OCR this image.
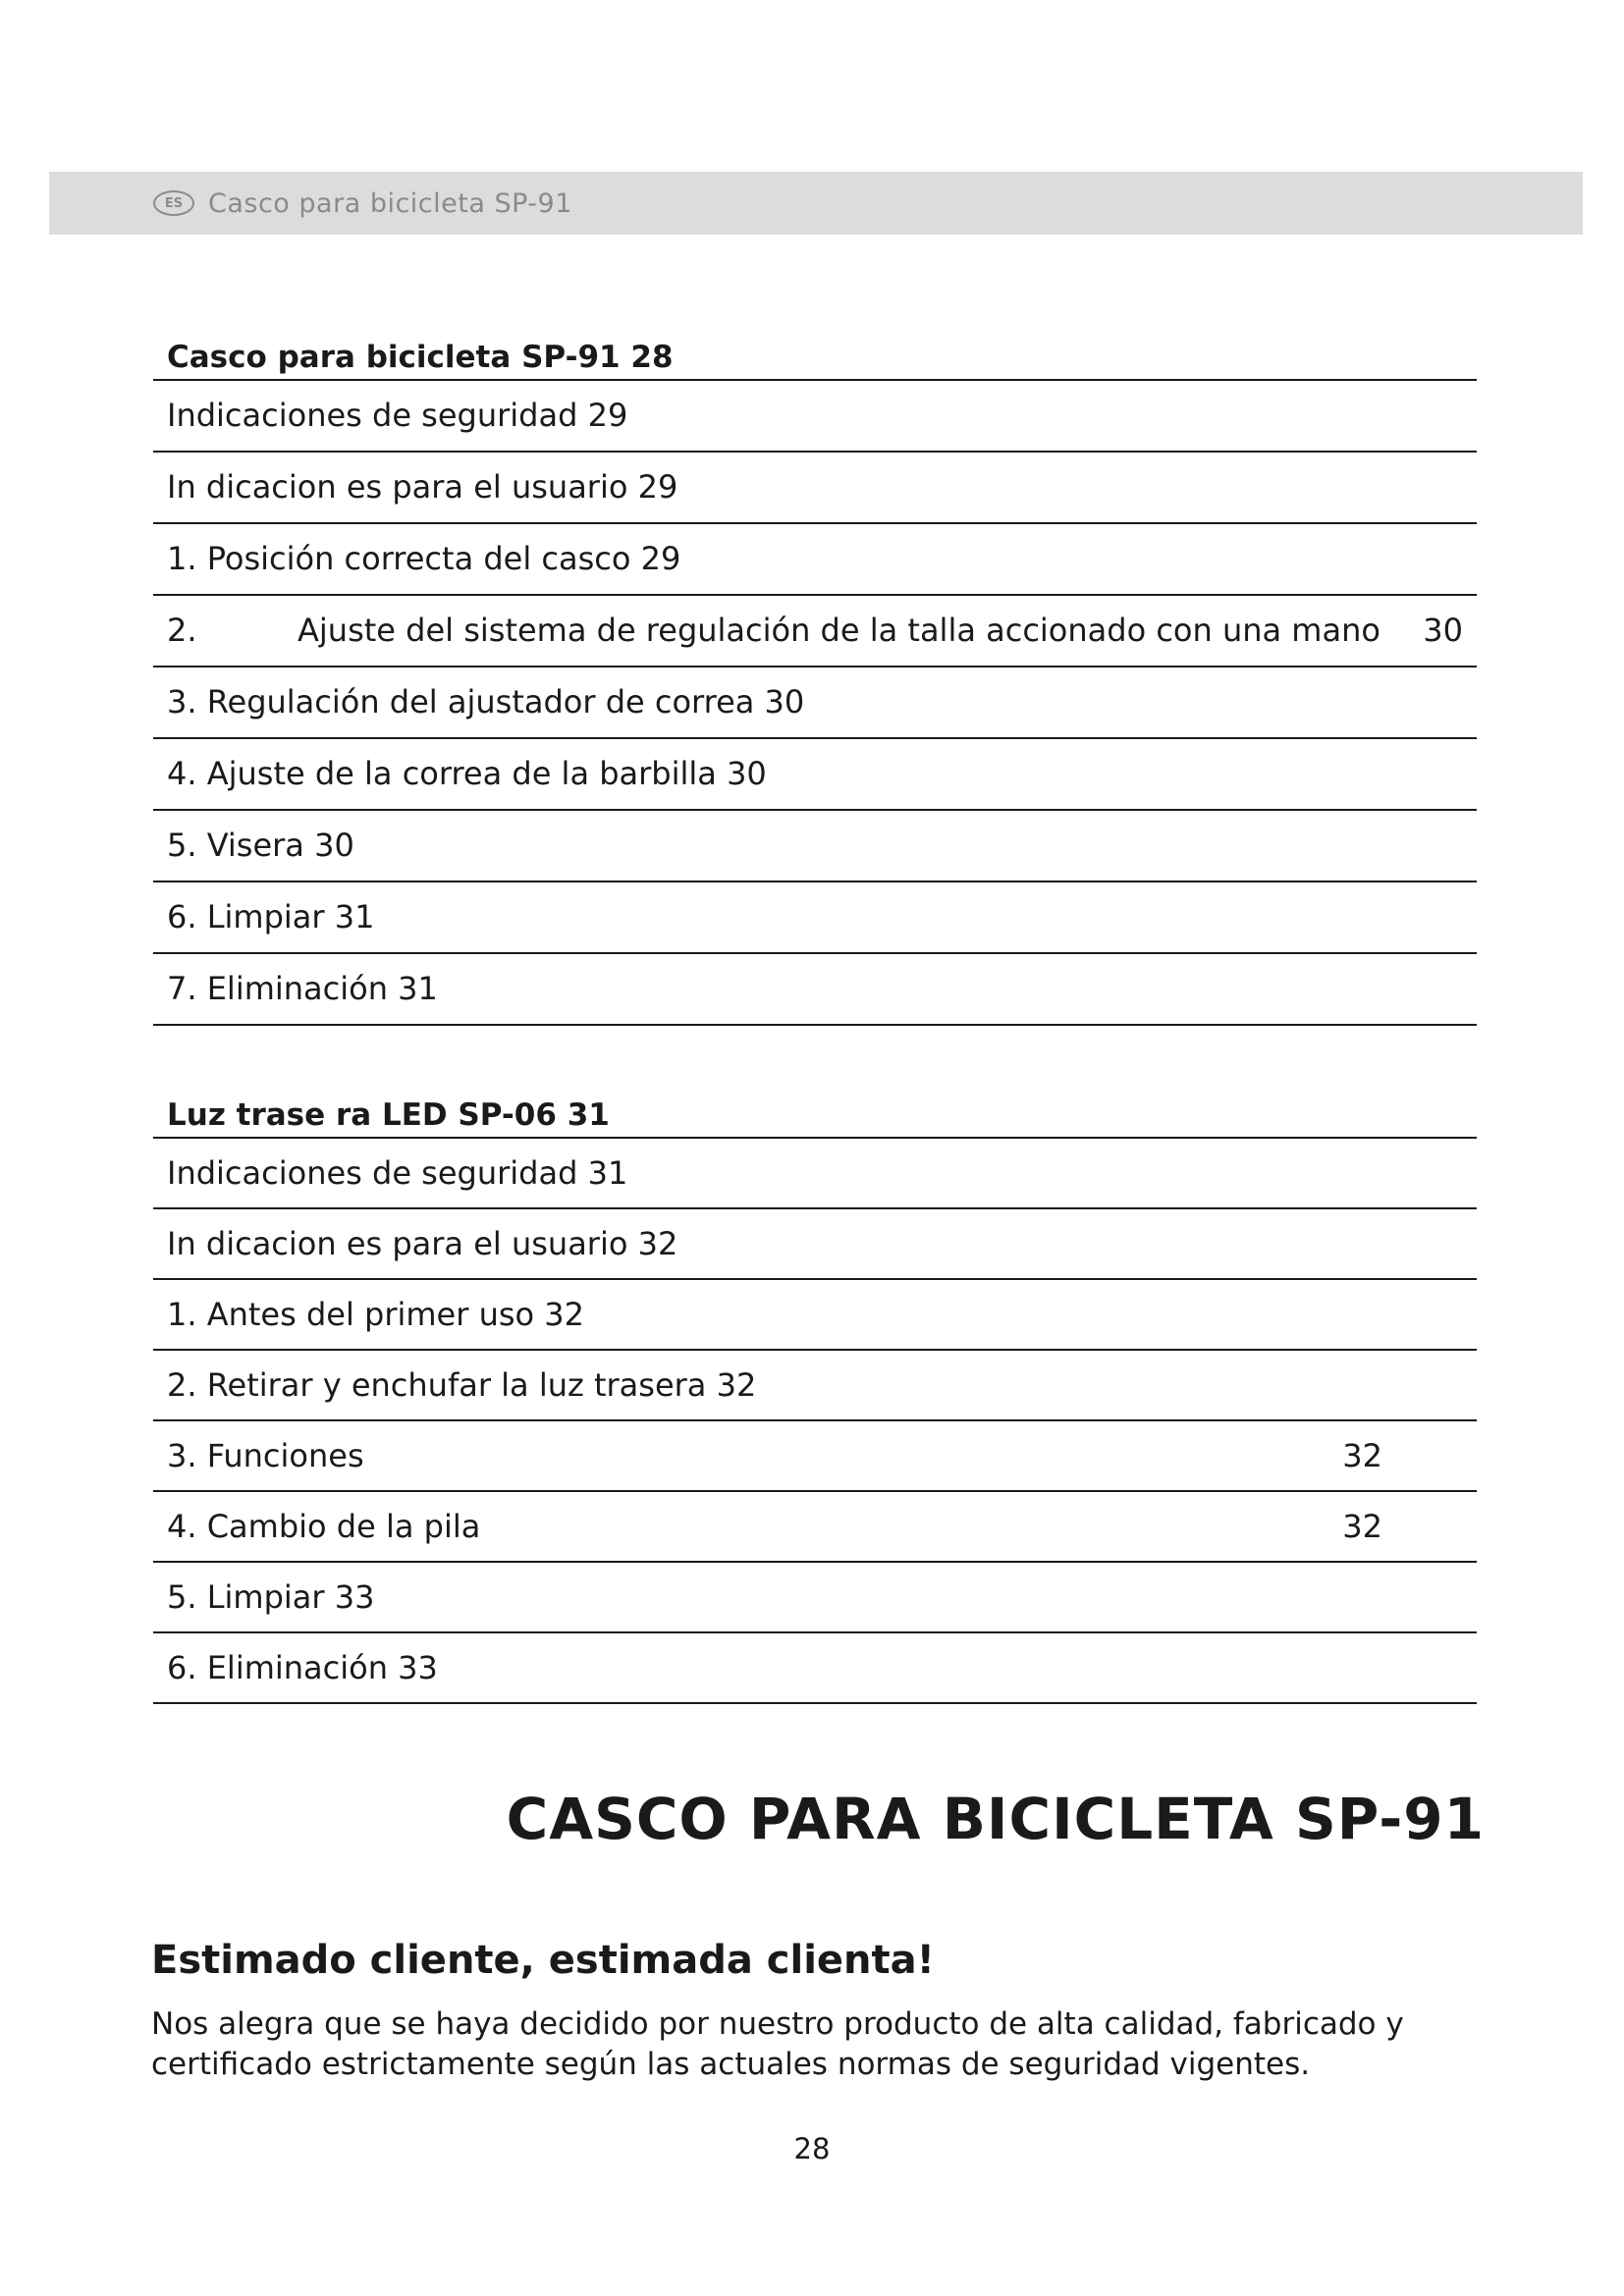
ES Casco para bicicleta SP-91
Casco para bicicleta SP-91 28
Indicaciones de seguridad 29
In dicacion es para el usuario 29
1. Posición correcta del casco 29
2.	Ajuste del sistema de regulación de la talla accionado con una mano 30
3. Regulación del ajustador de correa 30
4. Ajuste de la correa de la barbilla 30
5. Visera 30
6. Limpiar 31
7. Eliminación 31
Luz trase ra LED SP-06 31
Indicaciones de seguridad 31
In dicacion es para el usuario 32
1. Antes del primer uso 32
2. Retirar y enchufar la luz trasera 32
3. Funciones	32
4. Cambio de la pila	32
5. Limpiar 33
6. Eliminación 33
CASCO PARA BICICLETA SP-91
Estimado cliente, estimada clienta!
Nos alegra que se haya decidido por nuestro producto de alta calidad, fabricado y certificado estrictamente según las actuales normas de seguridad vigentes.
28
